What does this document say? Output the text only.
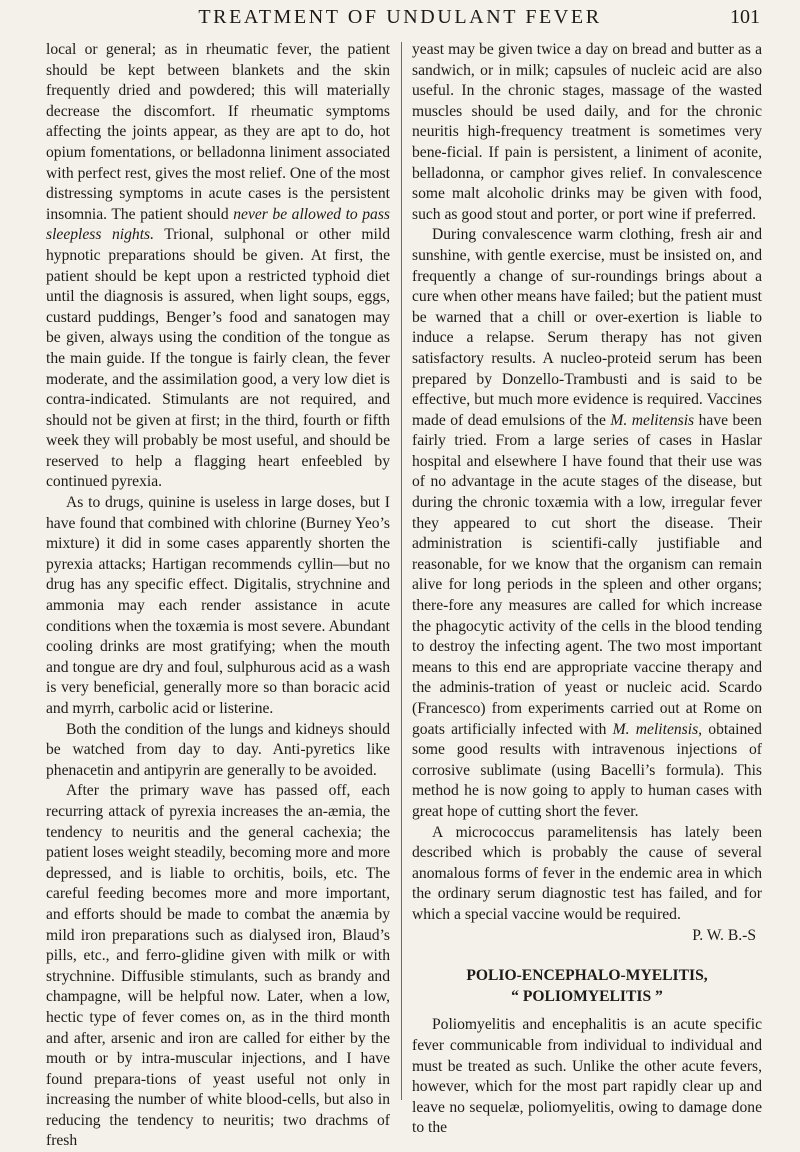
TREATMENT OF UNDULANT FEVER	101

local or general; as in rheumatic fever, the patient should be kept between blankets and the skin frequently dried and powdered; this will materially decrease the discomfort. If rheumatic symptoms affecting the joints appear, as they are apt to do, hot opium fomentations, or belladonna liniment associated with perfect rest, gives the most relief. One of the most distressing symptoms in acute cases is the persistent insomnia. The patient should never be allowed to pass sleepless nights. Trional, sulphonal or other mild hypnotic preparations should be given. At first, the patient should be kept upon a restricted typhoid diet until the diagnosis is assured, when light soups, eggs, custard puddings, Benger’s food and sanatogen may be given, always using the condition of the tongue as the main guide. If the tongue is fairly clean, the fever moderate, and the assimilation good, a very low diet is contra-indicated. Stimulants are not required, and should not be given at first; in the third, fourth or fifth week they will probably be most useful, and should be reserved to help a flagging heart enfeebled by continued pyrexia.

As to drugs, quinine is useless in large doses, but I have found that combined with chlorine (Burney Yeo’s mixture) it did in some cases apparently shorten the pyrexia attacks; Hartigan recommends cyllin—but no drug has any specific effect. Digitalis, strychnine and ammonia may each render assistance in acute conditions when the toxæmia is most severe. Abundant cooling drinks are most gratifying; when the mouth and tongue are dry and foul, sulphurous acid as a wash is very beneficial, generally more so than boracic acid and myrrh, carbolic acid or listerine.

Both the condition of the lungs and kidneys should be watched from day to day. Anti-pyretics like phenacetin and antipyrin are generally to be avoided.

After the primary wave has passed off, each recurring attack of pyrexia increases the an-æmia, the tendency to neuritis and the general cachexia; the patient loses weight steadily, becoming more and more depressed, and is liable to orchitis, boils, etc. The careful feeding becomes more and more important, and efforts should be made to combat the anæmia by mild iron preparations such as dialysed iron, Blaud’s pills, etc., and ferro-glidine given with milk or with strychnine. Diffusible stimulants, such as brandy and champagne, will be helpful now. Later, when a low, hectic type of fever comes on, as in the third month and after, arsenic and iron are called for either by the mouth or by intra-muscular injections, and I have found prepara-tions of yeast useful not only in increasing the number of white blood-cells, but also in reducing the tendency to neuritis; two drachms of fresh

yeast may be given twice a day on bread and butter as a sandwich, or in milk; capsules of nucleic acid are also useful. In the chronic stages, massage of the wasted muscles should be used daily, and for the chronic neuritis high-frequency treatment is sometimes very bene-ficial. If pain is persistent, a liniment of aconite, belladonna, or camphor gives relief. In convalescence some malt alcoholic drinks may be given with food, such as good stout and porter, or port wine if preferred.

During convalescence warm clothing, fresh air and sunshine, with gentle exercise, must be insisted on, and frequently a change of sur-roundings brings about a cure when other means have failed; but the patient must be warned that a chill or over-exertion is liable to induce a relapse. Serum therapy has not given satisfactory results. A nucleo-proteid serum has been prepared by Donzello-Trambusti and is said to be effective, but much more evidence is required. Vaccines made of dead emulsions of the M. melitensis have been fairly tried. From a large series of cases in Haslar hospital and elsewhere I have found that their use was of no advantage in the acute stages of the disease, but during the chronic toxæmia with a low, irregular fever they appeared to cut short the disease. Their administration is scientifi-cally justifiable and reasonable, for we know that the organism can remain alive for long periods in the spleen and other organs; there-fore any measures are called for which increase the phagocytic activity of the cells in the blood tending to destroy the infecting agent. The two most important means to this end are appropriate vaccine therapy and the adminis-tration of yeast or nucleic acid. Scardo (Francesco) from experiments carried out at Rome on goats artificially infected with M. melitensis, obtained some good results with intravenous injections of corrosive sublimate (using Bacelli’s formula). This method he is now going to apply to human cases with great hope of cutting short the fever.

A micrococcus paramelitensis has lately been described which is probably the cause of several anomalous forms of fever in the endemic area in which the ordinary serum diagnostic test has failed, and for which a special vaccine would be required.

P. W. B.-S
POLIO-ENCEPHALO-MYELITIS,
“ POLIOMYELITIS ”

Poliomyelitis and encephalitis is an acute specific fever communicable from individual to individual and must be treated as such. Unlike the other acute fevers, however, which for the most part rapidly clear up and leave no sequelæ, poliomyelitis, owing to damage done to the
